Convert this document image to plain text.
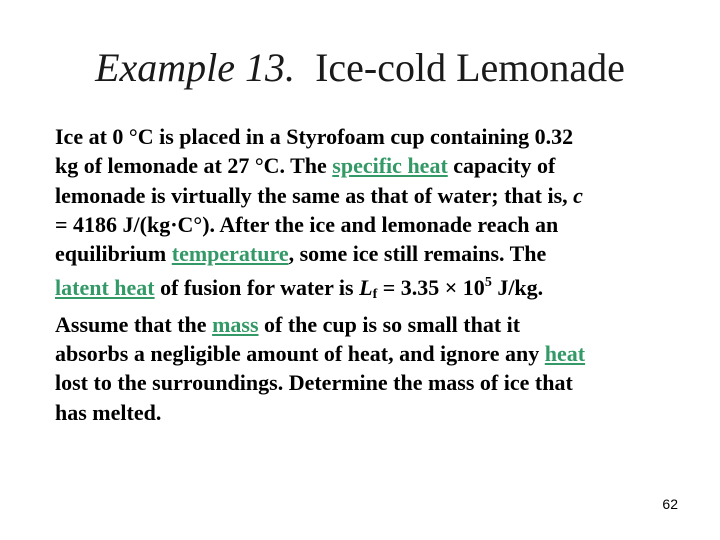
Example 13. Ice-cold Lemonade
Ice at 0 °C is placed in a Styrofoam cup containing 0.32
kg of lemonade at 27 °C. The specific heat capacity of
lemonade is virtually the same as that of water; that is, c
= 4186 J/(kg·C°). After the ice and lemonade reach an
equilibrium temperature, some ice still remains. The
latent heat of fusion for water is $L_f = 3.35 \times 10^5$ J/kg.
Assume that the mass of the cup is so small that it
absorbs a negligible amount of heat, and ignore any heat
lost to the surroundings. Determine the mass of ice that
has melted.
62
